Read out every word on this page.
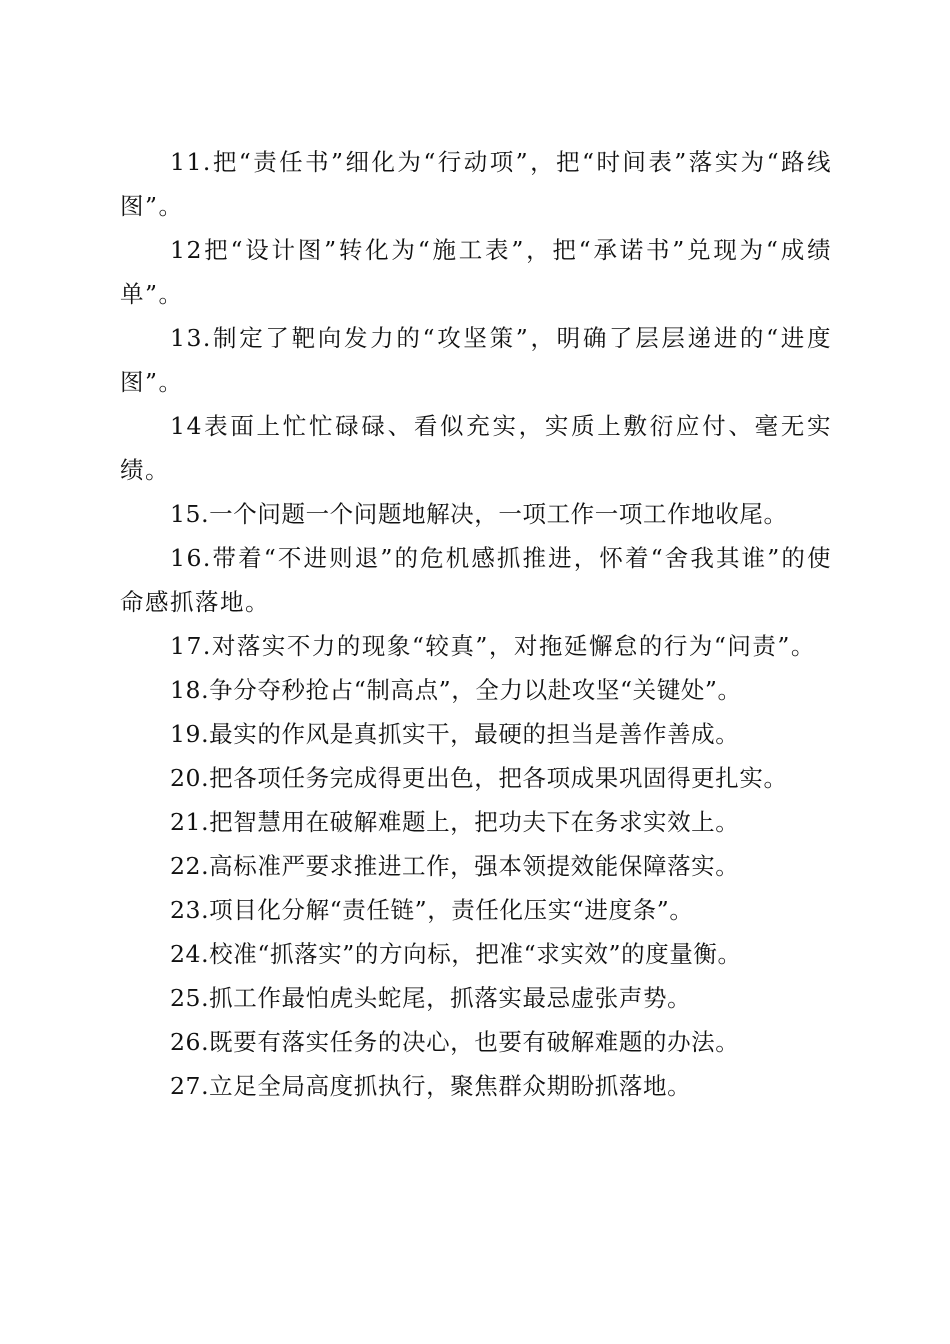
11.把“责任书”细化为“行动项”，把“时间表”落实为“路线图”。

12把“设计图”转化为“施工表”，把“承诺书”兑现为“成绩单”。

13.制定了靶向发力的“攻坚策”，明确了层层递进的“进度图”。

14表面上忙忙碌碌、看似充实，实质上敷衍应付、毫无实绩。

15.一个问题一个问题地解决，一项工作一项工作地收尾。

16.带着“不进则退”的危机感抓推进，怀着“舍我其谁”的使命感抓落地。

17.对落实不力的现象“较真”，对拖延懈怠的行为“问责”。

18.争分夺秒抢占“制高点”，全力以赴攻坚“关键处”。

19.最实的作风是真抓实干，最硬的担当是善作善成。

20.把各项任务完成得更出色，把各项成果巩固得更扎实。

21.把智慧用在破解难题上，把功夫下在务求实效上。

22.高标准严要求推进工作，强本领提效能保障落实。

23.项目化分解“责任链”，责任化压实“进度条”。

24.校准“抓落实”的方向标，把准“求实效”的度量衡。

25.抓工作最怕虎头蛇尾，抓落实最忌虚张声势。

26.既要有落实任务的决心，也要有破解难题的办法。

27.立足全局高度抓执行，聚焦群众期盼抓落地。
